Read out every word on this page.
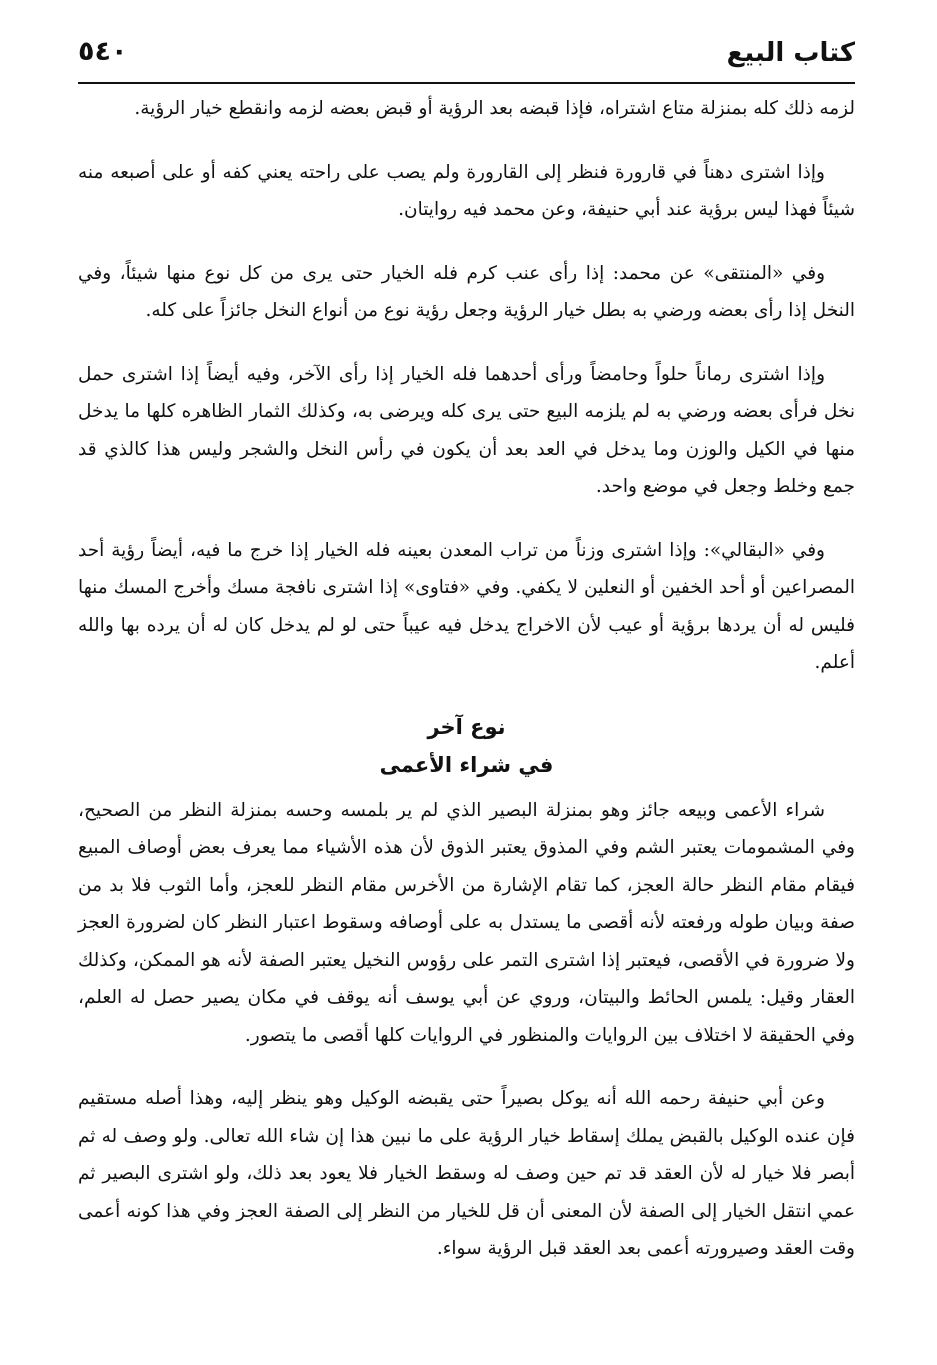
كتاب البيع
٥٤٠

لزمه ذلك كله بمنزلة متاع اشتراه، فإذا قبضه بعد الرؤية أو قبض بعضه لزمه وانقطع خيار الرؤية.

وإذا اشترى دهناً في قارورة فنظر إلى القارورة ولم يصب على راحته يعني كفه أو على أصبعه منه شيئاً فهذا ليس برؤية عند أبي حنيفة، وعن محمد فيه روايتان.

وفي «المنتقى» عن محمد: إذا رأى عنب كرم فله الخيار حتى يرى من كل نوع منها شيئاً، وفي النخل إذا رأى بعضه ورضي به بطل خيار الرؤية وجعل رؤية نوع من أنواع النخل جائزاً على كله.

وإذا اشترى رماناً حلواً وحامضاً ورأى أحدهما فله الخيار إذا رأى الآخر، وفيه أيضاً إذا اشترى حمل نخل فرأى بعضه ورضي به لم يلزمه البيع حتى يرى كله ويرضى به، وكذلك الثمار الظاهره كلها ما يدخل منها في الكيل والوزن وما يدخل في العد بعد أن يكون في رأس النخل والشجر وليس هذا كالذي قد جمع وخلط وجعل في موضع واحد.

وفي «البقالي»: وإذا اشترى وزناً من تراب المعدن بعينه فله الخيار إذا خرج ما فيه، أيضاً رؤية أحد المصراعين أو أحد الخفين أو النعلين لا يكفي. وفي «فتاوى» إذا اشترى نافجة مسك وأخرج المسك منها فليس له أن يردها برؤية أو عيب لأن الاخراج يدخل فيه عيباً حتى لو لم يدخل كان له أن يرده بها والله أعلم.

نوع آخر
في شراء الأعمى

شراء الأعمى وبيعه جائز وهو بمنزلة البصير الذي لم ير بلمسه وحسه بمنزلة النظر من الصحيح، وفي المشمومات يعتبر الشم وفي المذوق يعتبر الذوق لأن هذه الأشياء مما يعرف بعض أوصاف المبيع فيقام مقام النظر حالة العجز، كما تقام الإشارة من الأخرس مقام النظر للعجز، وأما الثوب فلا بد من صفة وبيان طوله ورفعته لأنه أقصى ما يستدل به على أوصافه وسقوط اعتبار النظر كان لضرورة العجز ولا ضرورة في الأقصى، فيعتبر إذا اشترى التمر على رؤوس النخيل يعتبر الصفة لأنه هو الممكن، وكذلك العقار وقيل: يلمس الحائط والبيتان، وروي عن أبي يوسف أنه يوقف في مكان يصير حصل له العلم، وفي الحقيقة لا اختلاف بين الروايات والمنظور في الروايات كلها أقصى ما يتصور.

وعن أبي حنيفة رحمه الله أنه يوكل بصيراً حتى يقبضه الوكيل وهو ينظر إليه، وهذا أصله مستقيم فإن عنده الوكيل بالقبض يملك إسقاط خيار الرؤية على ما نبين هذا إن شاء الله تعالى. ولو وصف له ثم أبصر فلا خيار له لأن العقد قد تم حين وصف له وسقط الخيار فلا يعود بعد ذلك، ولو اشترى البصير ثم عمي انتقل الخيار إلى الصفة لأن المعنى أن قل للخيار من النظر إلى الصفة العجز وفي هذا كونه أعمى وقت العقد وصيرورته أعمى بعد العقد قبل الرؤية سواء.
